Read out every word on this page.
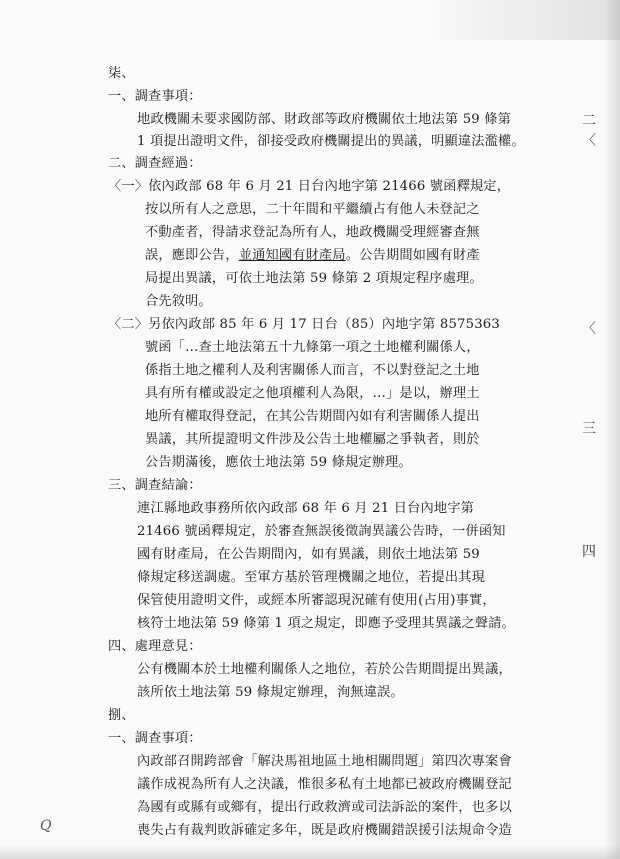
柒、
一、調查事項：
地政機關未要求國防部、財政部等政府機關依土地法第 59 條第
1 項提出證明文件，卻接受政府機關提出的異議，明顯違法濫權。
二、調查經過：
〈一〉依內政部 68 年 6 月 21 日台內地字第 21466 號函釋規定，
按以所有人之意思，二十年間和平繼續占有他人未登記之
不動產者，得請求登記為所有人，地政機關受理經審查無
誤，應即公告，並通知國有財產局。公告期間如國有財產
局提出異議，可依土地法第 59 條第 2 項規定程序處理。
合先敘明。
〈二〉另依內政部 85 年 6 月 17 日台（85）內地字第 8575363
號函「…查土地法第五十九條第一項之土地權利關係人，
係指土地之權利人及利害關係人而言，不以對登記之土地
具有所有權或設定之他項權利人為限，…」是以，辦理土
地所有權取得登記，在其公告期間內如有利害關係人提出
異議，其所提證明文件涉及公告土地權屬之爭執者，則於
公告期滿後，應依土地法第 59 條規定辦理。
三、調查結論：
連江縣地政事務所依內政部 68 年 6 月 21 日台內地字第
21466 號函釋規定，於審查無誤後徵詢異議公告時，一併函知
國有財產局，在公告期間內，如有異議，則依土地法第 59
條規定移送調處。至軍方基於管理機關之地位，若提出其現
保管使用證明文件，或經本所審認現況確有使用(占用)事實，
核符土地法第 59 條第 1 項之規定，即應予受理其異議之聲請。
四、處理意見：
公有機關本於土地權利關係人之地位，若於公告期間提出異議，
該所依土地法第 59 條規定辦理，洵無違誤。
捌、
一、調查事項：
內政部召開跨部會「解決馬祖地區土地相關問題」第四次專案會
議作成視為所有人之決議，惟很多私有土地都已被政府機關登記
為國有或縣有或鄉有，提出行政救濟或司法訴訟的案件，也多以
喪失占有裁判敗訴確定多年，既是政府機關錯誤援引法規命令造
二
〈
〈
三
四
Q
